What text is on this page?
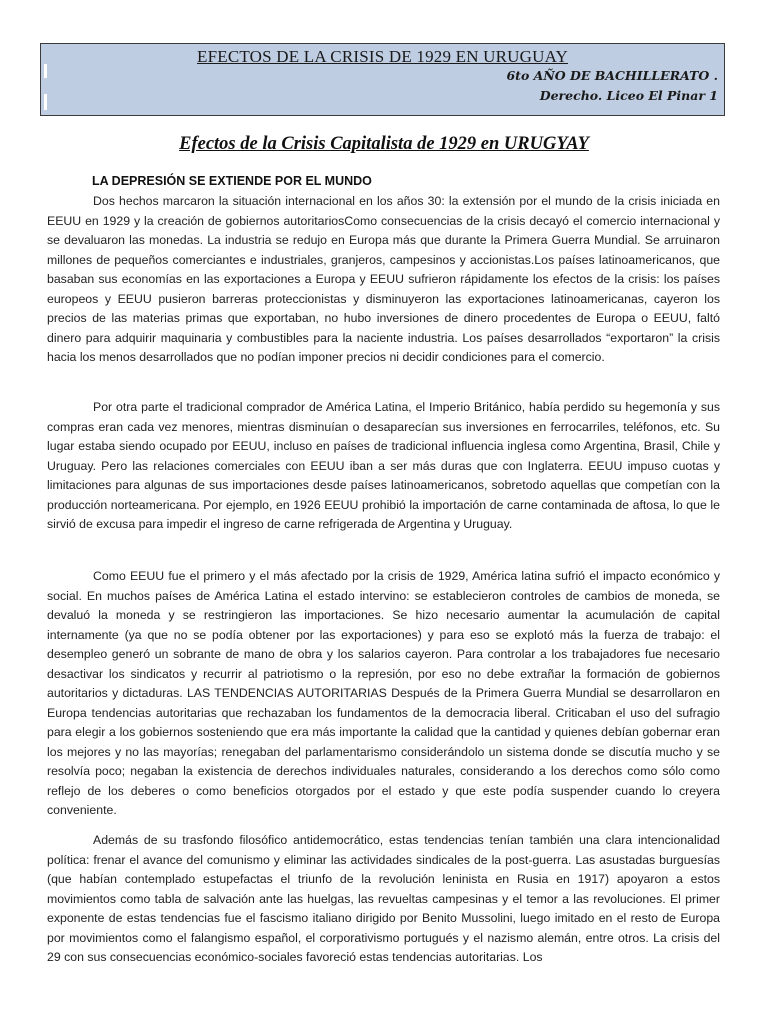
EFECTOS DE LA CRISIS DE 1929 EN URUGUAY
6to AÑO DE BACHILLERATO .
Derecho. Liceo El Pinar 1
Efectos de la Crisis Capitalista de 1929 en URUGYAY
LA DEPRESIÓN SE EXTIENDE POR EL MUNDO

Dos hechos marcaron la situación internacional en los años 30: la extensión por el mundo de la crisis iniciada en EEUU en 1929 y la creación de gobiernos autoritariosComo consecuencias de la crisis decayó el comercio internacional y se devaluaron las monedas. La industria se redujo en Europa más que durante la Primera Guerra Mundial. Se arruinaron millones de pequeños comerciantes e industriales, granjeros, campesinos y accionistas.Los países latinoamericanos, que basaban sus economías en las exportaciones a Europa y EEUU sufrieron rápidamente los efectos de la crisis: los países europeos y EEUU pusieron barreras proteccionistas y disminuyeron las exportaciones latinoamericanas, cayeron los precios de las materias primas que exportaban, no hubo inversiones de dinero procedentes de Europa o EEUU, faltó dinero para adquirir maquinaria y combustibles para la naciente industria. Los países desarrollados “exportaron” la crisis hacia los menos desarrollados que no podían imponer precios ni decidir condiciones para el comercio.

Por otra parte el tradicional comprador de América Latina, el Imperio Británico, había perdido su hegemonía y sus compras eran cada vez menores, mientras disminuían o desaparecían sus inversiones en ferrocarriles, teléfonos, etc. Su lugar estaba siendo ocupado por EEUU, incluso en países de tradicional influencia inglesa como Argentina, Brasil, Chile y Uruguay. Pero las relaciones comerciales con EEUU iban a ser más duras que con Inglaterra. EEUU impuso cuotas y limitaciones para algunas de sus importaciones desde países latinoamericanos, sobretodo aquellas que competían con la producción norteamericana. Por ejemplo, en 1926 EEUU prohibió la importación de carne contaminada de aftosa, lo que le sirvió de excusa para impedir el ingreso de carne refrigerada de Argentina y Uruguay.

Como EEUU fue el primero y el más afectado por la crisis de 1929, América latina sufrió el impacto económico y social. En muchos países de América Latina el estado intervino: se establecieron controles de cambios de moneda, se devaluó la moneda y se restringieron las importaciones. Se hizo necesario aumentar la acumulación de capital internamente (ya que no se podía obtener por las exportaciones) y para eso se explotó más la fuerza de trabajo: el desempleo generó un sobrante de mano de obra y los salarios cayeron. Para controlar a los trabajadores fue necesario desactivar los sindicatos y recurrir al patriotismo o la represión, por eso no debe extrañar la formación de gobiernos autoritarios y dictaduras. LAS TENDENCIAS AUTORITARIAS Después de la Primera Guerra Mundial se desarrollaron en Europa tendencias autoritarias que rechazaban los fundamentos de la democracia liberal. Criticaban el uso del sufragio para elegir a los gobiernos sosteniendo que era más importante la calidad que la cantidad y quienes debían gobernar eran los mejores y no las mayorías; renegaban del parlamentarismo considerándolo un sistema donde se discutía mucho y se resolvía poco; negaban la existencia de derechos individuales naturales, considerando a los derechos como sólo como reflejo de los deberes o como beneficios otorgados por el estado y que este podía suspender cuando lo creyera conveniente.

Además de su trasfondo filosófico antidemocrático, estas tendencias tenían también una clara intencionalidad política: frenar el avance del comunismo y eliminar las actividades sindicales de la post-guerra. Las asustadas burguesías (que habían contemplado estupefactas el triunfo de la revolución leninista en Rusia en 1917) apoyaron a estos movimientos como tabla de salvación ante las huelgas, las revueltas campesinas y el temor a las revoluciones. El primer exponente de estas tendencias fue el fascismo italiano dirigido por Benito Mussolini, luego imitado en el resto de Europa por movimientos como el falangismo español, el corporativismo portugués y el nazismo alemán, entre otros. La crisis del 29 con sus consecuencias económico-sociales favoreció estas tendencias autoritarias. Los
